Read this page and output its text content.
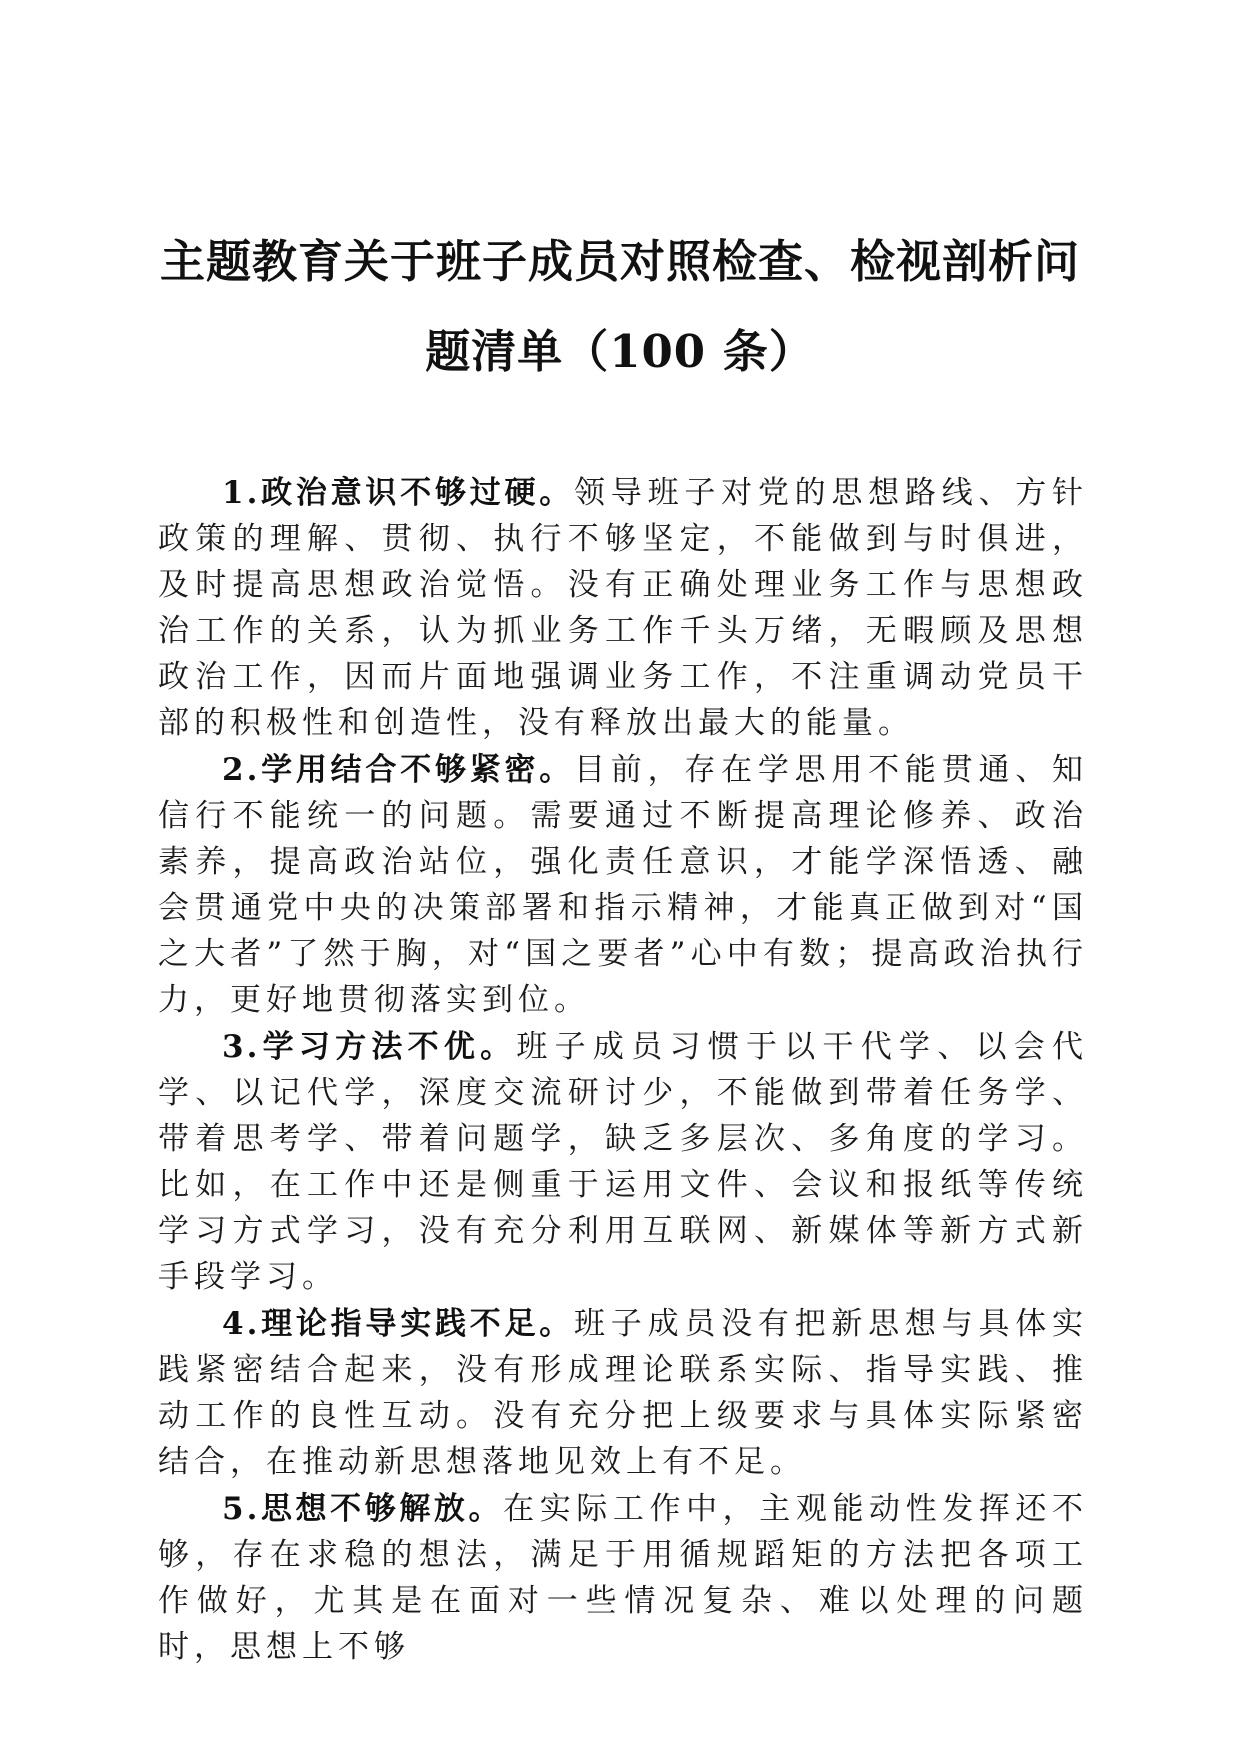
主题教育关于班子成员对照检查、检视剖析问
题清单（100 条）

1.政治意识不够过硬。领导班子对党的思想路线、方针政策的理解、贯彻、执行不够坚定，不能做到与时俱进，及时提高思想政治觉悟。没有正确处理业务工作与思想政治工作的关系，认为抓业务工作千头万绪，无暇顾及思想政治工作，因而片面地强调业务工作，不注重调动党员干部的积极性和创造性，没有释放出最大的能量。

2.学用结合不够紧密。目前，存在学思用不能贯通、知信行不能统一的问题。需要通过不断提高理论修养、政治素养，提高政治站位，强化责任意识，才能学深悟透、融会贯通党中央的决策部署和指示精神，才能真正做到对“国之大者”了然于胸，对“国之要者”心中有数；提高政治执行力，更好地贯彻落实到位。

3.学习方法不优。班子成员习惯于以干代学、以会代学、以记代学，深度交流研讨少，不能做到带着任务学、带着思考学、带着问题学，缺乏多层次、多角度的学习。比如，在工作中还是侧重于运用文件、会议和报纸等传统学习方式学习，没有充分利用互联网、新媒体等新方式新手段学习。

4.理论指导实践不足。班子成员没有把新思想与具体实践紧密结合起来，没有形成理论联系实际、指导实践、推动工作的良性互动。没有充分把上级要求与具体实际紧密结合，在推动新思想落地见效上有不足。

5.思想不够解放。在实际工作中，主观能动性发挥还不够，存在求稳的想法，满足于用循规蹈矩的方法把各项工作做好，尤其是在面对一些情况复杂、难以处理的问题时，思想上不够
